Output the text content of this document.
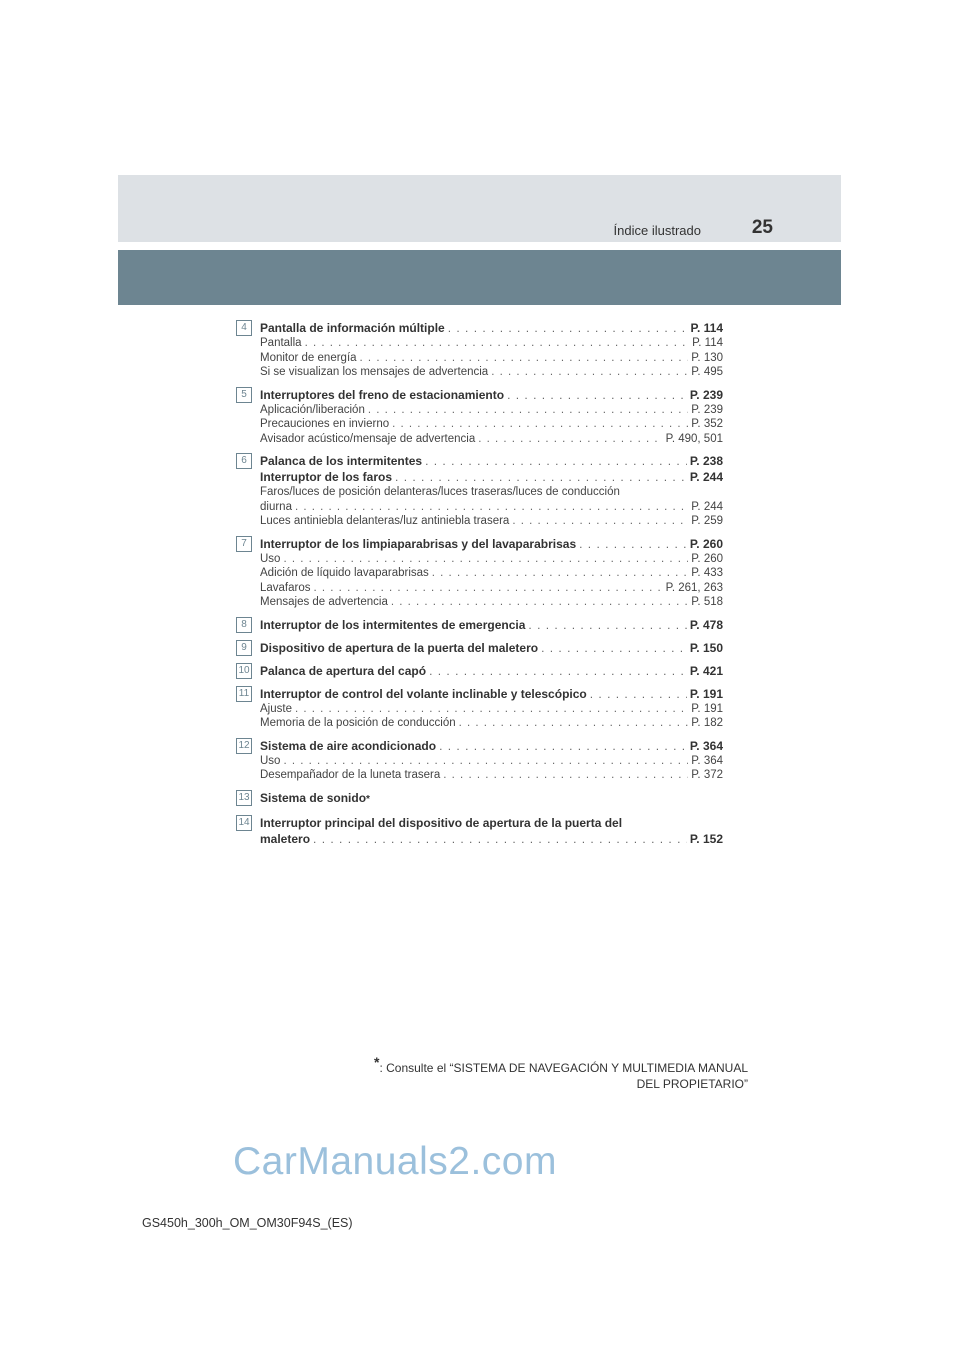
Índice ilustrado	25
4	Pantalla de información múltiple . . .	P. 114
Pantalla . . .	P. 114
Monitor de energía . . .	P. 130
Si se visualizan los mensajes de advertencia . . .	P. 495
5	Interruptores del freno de estacionamiento . . .	P. 239
Aplicación/liberación . . .	P. 239
Precauciones en invierno . . .	P. 352
Avisador acústico/mensaje de advertencia . . .	P. 490, 501
6	Palanca de los intermitentes . . .	P. 238
Interruptor de los faros . . .	P. 244
Faros/luces de posición delanteras/luces traseras/luces de conducción
diurna . . .	P. 244
Luces antiniebla delanteras/luz antiniebla trasera . . .	P. 259
7	Interruptor de los limpiaparabrisas y del lavaparabrisas . . .	P. 260
Uso . . .	P. 260
Adición de líquido lavaparabrisas . . .	P. 433
Lavafaros . . .	P. 261, 263
Mensajes de advertencia . . .	P. 518
8	Interruptor de los intermitentes de emergencia . . .	P. 478
9	Dispositivo de apertura de la puerta del maletero . . .	P. 150
10 Palanca de apertura del capó . . .	P. 421
11 Interruptor de control del volante inclinable y telescópico . . .	P. 191
Ajuste . . .	P. 191
Memoria de la posición de conducción . . .	P. 182
12 Sistema de aire acondicionado . . .	P. 364
Uso . . .	P. 364
Desempañador de la luneta trasera . . .	P. 372
13 Sistema de sonido *
14 Interruptor principal del dispositivo de apertura de la puerta del
maletero . . .	P. 152
*: Consulte el “SISTEMA DE NAVEGACIÓN Y MULTIMEDIA MANUAL
DEL PROPIETARIO”
CarManuals2.com
GS450h_300h_OM_OM30F94S_(ES)
